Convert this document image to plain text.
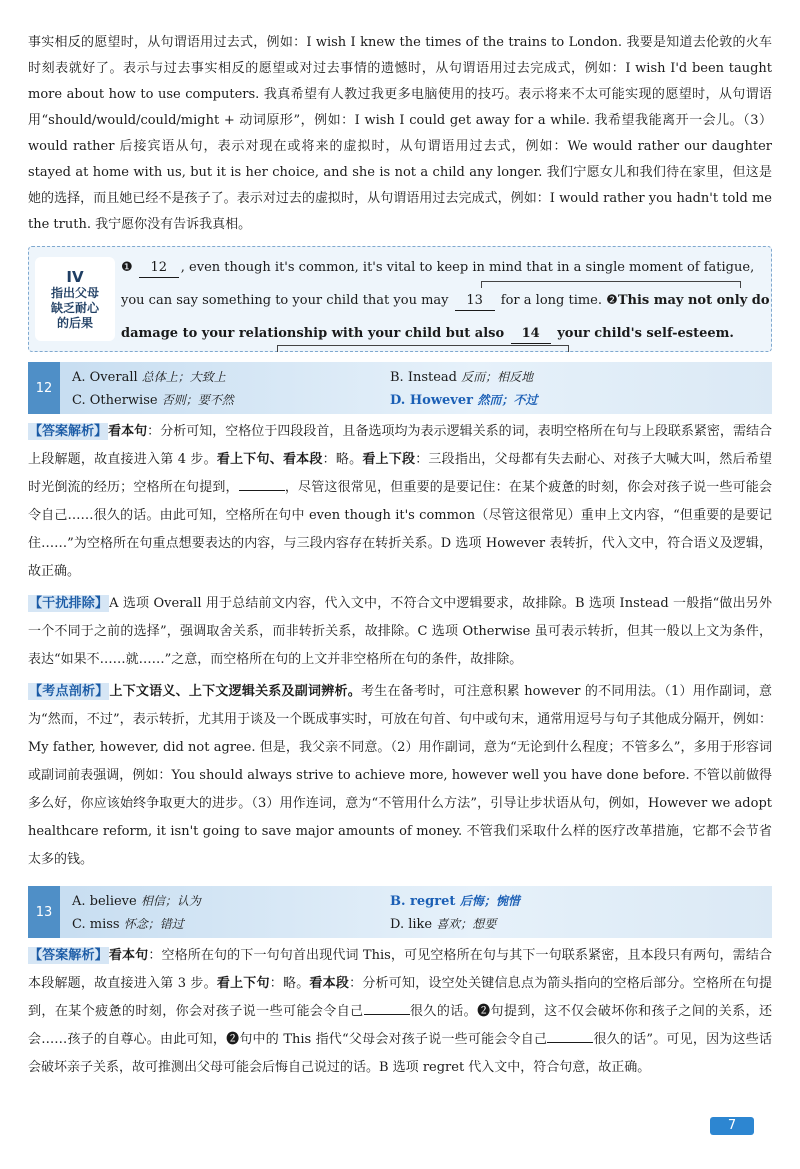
事实相反的愿望时，从句谓语用过去式，例如：I wish I knew the times of the trains to London. 我要是知道去伦敦的火车时刻表就好了。表示与过去事实相反的愿望或对过去事情的遗憾时，从句谓语用过去完成式，例如：I wish I'd been taught more about how to use computers. 我真希望有人教过我更多电脑使用的技巧。表示将来不太可能实现的愿望时，从句谓语用“should/would/could/might + 动词原形”，例如：I wish I could get away for a while. 我希望我能离开一会儿。（3）would rather 后接宾语从句，表示对现在或将来的虚拟时，从句谓语用过去式，例如：We would rather our daughter stayed at home with us, but it is her choice, and she is not a child any longer. 我们宁愿女儿和我们待在家里，但这是她的选择，而且她已经不是孩子了。表示对过去的虚拟时，从句谓语用过去完成式，例如：I would rather you hadn't told me the truth. 我宁愿你没有告诉我真相。

IV
指出父母缺乏耐心的后果
❶ 12 , even though it's common, it's vital to keep in mind that in a single moment of fatigue,
you can say something to your child that you may 13 for a long time. ❷This may not only do
damage to your relationship with your child but also 14 your child's self-esteem.
12
A. Overall 总体上；大致上	B. Instead 反而；相反地
C. Otherwise 否则；要不然	D. However 然而；不过

【答案解析】看本句：分析可知，空格位于四段段首，且备选项均为表示逻辑关系的词，表明空格所在句与上段联系紧密，需结合上段解题，故直接进入第 4 步。看上下句、看本段：略。看上下段：三段指出，父母都有失去耐心、对孩子大喊大叫，然后希望时光倒流的经历；空格所在句提到，	，尽管这很常见，但重要的是要记住：在某个疲惫的时刻，你会对孩子说一些可能会令自己……很久的话。由此可知，空格所在句中 even though it's common（尽管这很常见）重申上文内容，“但重要的是要记住……”为空格所在句重点想要表达的内容，与三段内容存在转折关系。D 选项 However 表转折，代入文中，符合语义及逻辑，故正确。

【干扰排除】A 选项 Overall 用于总结前文内容，代入文中，不符合文中逻辑要求，故排除。B 选项 Instead 一般指“做出另外一个不同于之前的选择”，强调取舍关系，而非转折关系，故排除。C 选项 Otherwise 虽可表示转折，但其一般以上文为条件，表达“如果不……就……”之意，而空格所在句的上文并非空格所在句的条件，故排除。

【考点剖析】上下文语义、上下文逻辑关系及副词辨析。考生在备考时，可注意积累 however 的不同用法。（1）用作副词，意为“然而，不过”，表示转折，尤其用于谈及一个既成事实时，可放在句首、句中或句末，通常用逗号与句子其他成分隔开，例如：My father, however, did not agree. 但是，我父亲不同意。（2）用作副词，意为“无论到什么程度；不管多么”，多用于形容词或副词前表强调，例如：You should always strive to achieve more, however well you have done before. 不管以前做得多么好，你应该始终争取更大的进步。（3）用作连词，意为“不管用什么方法”，引导让步状语从句，例如，However we adopt healthcare reform, it isn't going to save major amounts of money. 不管我们采取什么样的医疗改革措施，它都不会节省太多的钱。

13
A. believe 相信；认为	B. regret 后悔；惋惜
C. miss 怀念；错过	D. like 喜欢；想要

【答案解析】看本句：空格所在句的下一句句首出现代词 This，可见空格所在句与其下一句联系紧密，且本段只有两句，需结合本段解题，故直接进入第 3 步。看上下句：略。看本段：分析可知，设空处关键信息点为箭头指向的空格后部分。空格所在句提到，在某个疲惫的时刻，你会对孩子说一些可能会令自己	很久的话。❷句提到，这不仅会破坏你和孩子之间的关系，还会……孩子的自尊心。由此可知，❷句中的 This 指代“父母会对孩子说一些可能会令自己	很久的话”。可见，因为这些话会破坏亲子关系，故可推测出父母可能会后悔自己说过的话。B 选项 regret 代入文中，符合句意，故正确。

7
